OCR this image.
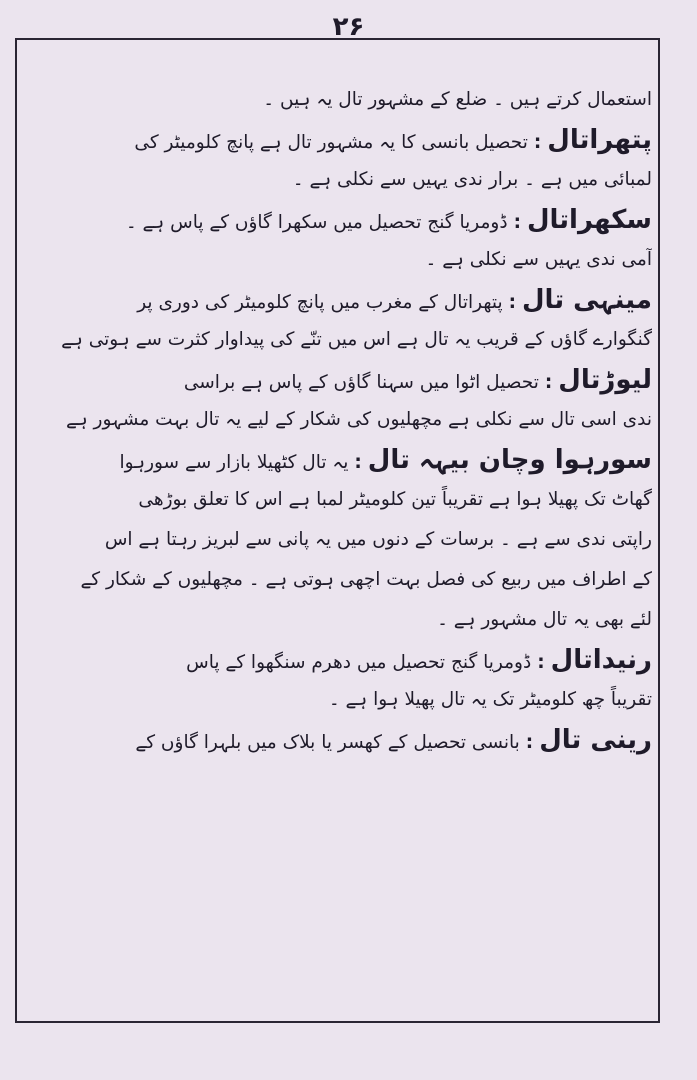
۲۶
استعمال کرتے ہیں ۔ ضلع کے مشہور تال یہ ہیں ۔
پتھراتال:تحصیل بانسی کا یہ مشہور تال ہے پانچ کلومیٹر کی
لمبائی میں ہے ۔ برار ندی یہیں سے نکلی ہے ۔
سکھراتال:ڈومریا گنج تحصیل میں سکھرا گاؤں کے پاس ہے ۔
آمی ندی یہیں سے نکلی ہے ۔
مینہی تال:پتھراتال کے مغرب میں پانچ کلومیٹر کی دوری پر
گنگوارے گاؤں کے قریب یہ تال ہے اس میں تنّے کی پیداوار کثرت سے ہوتی ہے
لیوڑتال:تحصیل اٹوا میں سہنا گاؤں کے پاس ہے براسی
ندی اسی تال سے نکلی ہے مچھلیوں کی شکار کے لیے یہ تال بہت مشہور ہے
سورہوا وچان بیہہ تال:یہ تال کٹھیلا بازار سے سورہوا
گھاٹ تک پھیلا ہوا ہے تقریباً تین کلومیٹر لمبا ہے اس کا تعلق بوڑھی
راپتی ندی سے ہے ۔ برسات کے دنوں میں یہ پانی سے لبریز رہتا ہے اس
کے اطراف میں ربیع کی فصل بہت اچھی ہوتی ہے ۔ مچھلیوں کے شکار کے
لئے بھی یہ تال مشہور ہے ۔
رنیداتال:ڈومریا گنج تحصیل میں دھرم سنگھوا کے پاس
تقریباً چھ کلومیٹر تک یہ تال پھیلا ہوا ہے ۔
رینی تال:بانسی تحصیل کے کھسر یا بلاک میں بلہرا گاؤں کے
